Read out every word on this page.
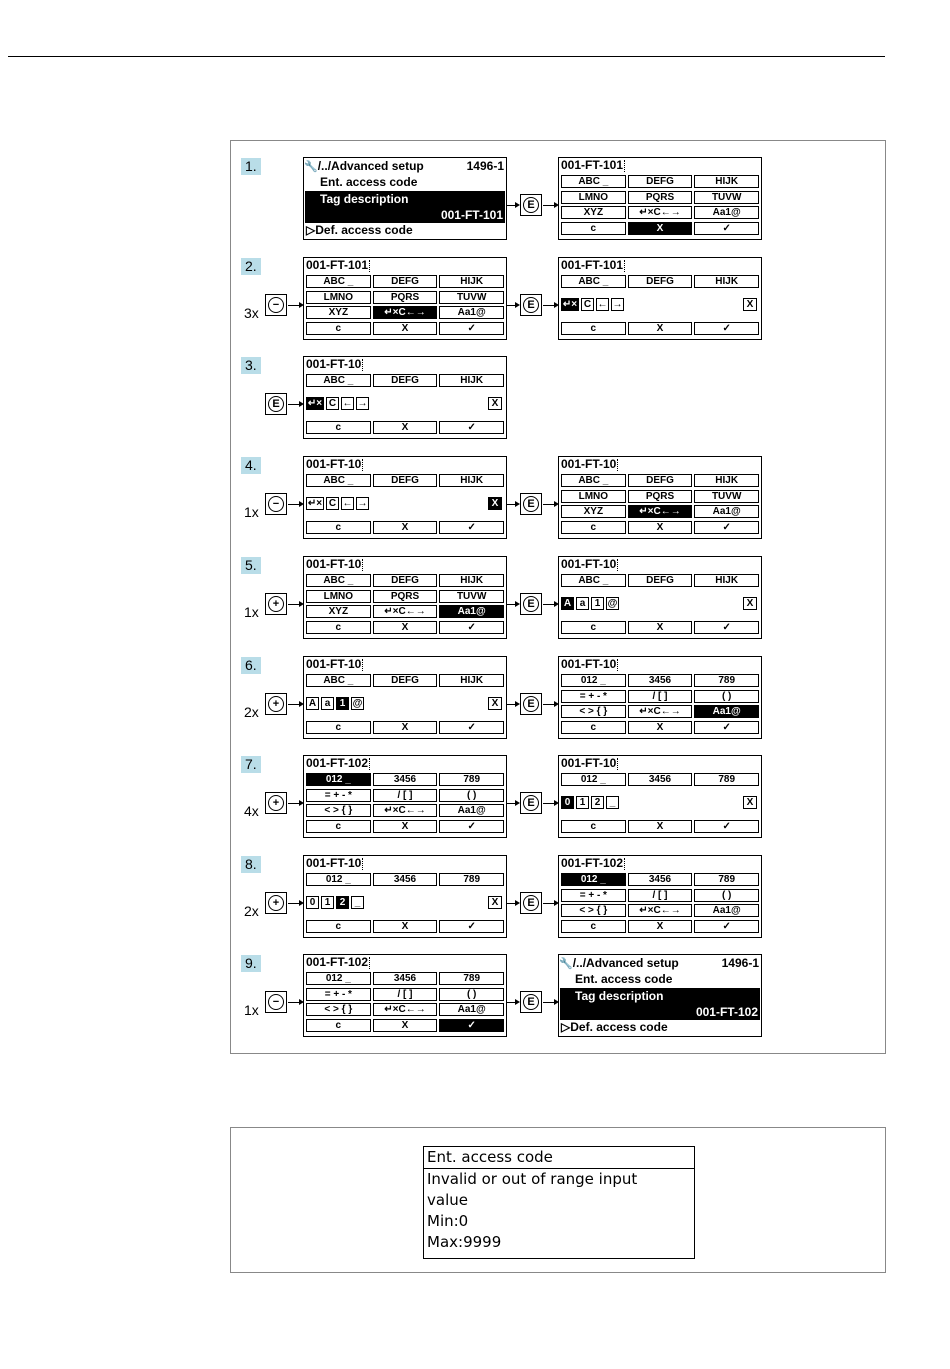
Ent. access code
Invalid or out of range input
value
Min:0
Max:9999
1.	🔧/../Advanced setup	1496-1
Ent. access code
Tag description
001-FT-101
▷Def. access code
E
001-FT-101
ABC _	DEFG	HIJK
LMNO	PQRS	TUVW
XYZ	↵×C←→	Aa1@
c	X	✓
2.
3x
−
001-FT-101
ABC _	DEFG	HIJK
LMNO	PQRS	TUVW
XYZ	↵×C←→	Aa1@
c	X	✓
E
001-FT-101
ABC _	DEFG	HIJK
↵× C ← →	X
c	X	✓
3.
E
001-FT-10
ABC _	DEFG	HIJK
↵× C ← →	X
c	X	✓
4.
1x
−
001-FT-10
ABC _	DEFG	HIJK
↵× C ← →	X
c	X	✓
E
001-FT-10
ABC _	DEFG	HIJK
LMNO	PQRS	TUVW
XYZ	↵×C←→	Aa1@
c	X	✓
5.
1x
+
001-FT-10
ABC _	DEFG	HIJK
LMNO	PQRS	TUVW
XYZ	↵×C←→	Aa1@
c	X	✓
E
001-FT-10
ABC _	DEFG	HIJK
A a 1 @	X
c	X	✓
6.
2x
+
001-FT-10
ABC _	DEFG	HIJK
A a 1 @	X
c	X	✓
E
001-FT-10
012 _	3456	789
= + - *	/ [ ]	( )
< > { }	↵×C←→	Aa1@
c	X	✓
7.
4x
+
001-FT-102
012 _	3456	789
= + - *	/ [ ]	( )
< > { }	↵×C←→	Aa1@
c	X	✓
E
001-FT-10
012 _	3456	789
0 1 2 _	X
c	X	✓
8.
2x
+
001-FT-10
012 _	3456	789
0 1 2 _	X
c	X	✓
E
001-FT-102
012 _	3456	789
= + - *	/ [ ]	( )
< > { }	↵×C←→	Aa1@
c	X	✓
9.
1x
−
001-FT-102
012 _	3456	789
= + - *	/ [ ]	( )
< > { }	↵×C←→	Aa1@
c	X	✓
E
🔧/../Advanced setup	1496-1
Ent. access code
Tag description
001-FT-102
▷Def. access code
